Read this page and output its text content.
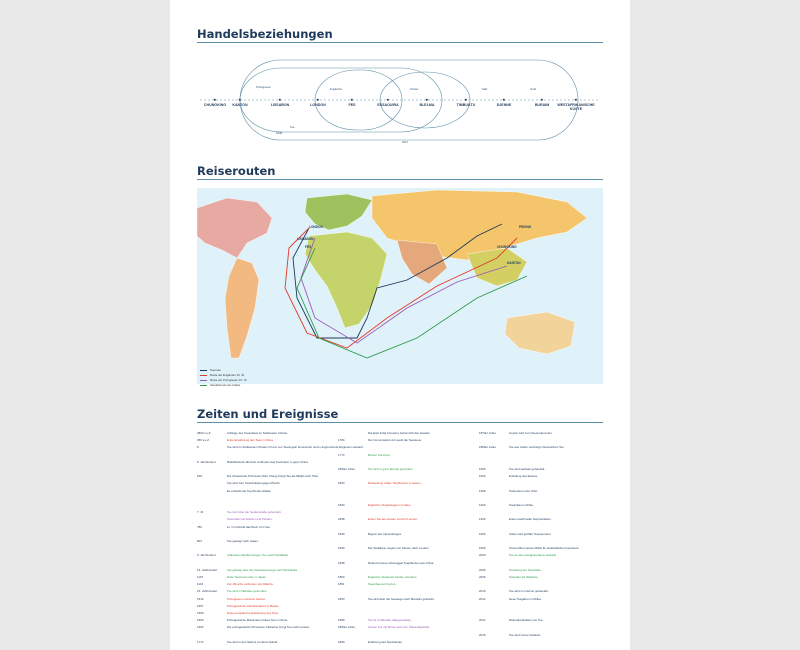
Handelsbeziehungen
CHUNGKING KANTON	LISSABON	LONDON	FES	ESSAOUIRA	BLELMA	TIMBUKTU	DJENNE	BURAIM WESTAFRIKANISCHE KÜSTE
Portugiesen	Englische	Zucker	Salz	Gold
Tee
1838
1817
Reiserouten
LONDON
LISSABON
KANTON
CHUNGKING
PEKING
FES
Teeroute
Route der Engländer 19. Jh.
Route der Portugiesen 16. Jh.
Handelsroute der Araber
Zeiten und Ereignisse
2800 v.u.Z.	Anfänge des Teeanbaus im Südwesten Chinas.
350 v.u.Z.	Erste Erwähnung des Tees in China.
8.	Tee wird im Südwesten Chinas in Form von Teeziegeln konsumiert und in angrenzende Regionen verkauft.
5. Jahrhundert	Buddhistische Mönche verbreiten das Teetrinken in ganz China.
618	Die chinesische Prinzessin Wen Cheng bringt Tee als Mitgift nach Tibet.
Tee wird zum Tauschobjekt gegen Pferde.
Es entsteht die Tee-Pferde-Straße.
7. Jh.	Tee wird über die Seidenstraße gehandelt.
Teehandel mit Arabien und Persien.
780	Lu Yu schreibt das Buch vom Tee.
804	Tee gelangt nach Japan.
9. Jahrhundert	Arabische Händler bringen Tee nach Nordafrika.
13. Jahrhundert	Tee gelangt über die Karawanenwege nach Westafrika.
1167	Erste Teezeremonien in Japan.
1191	Zen-Mönche verbreiten den Matcha.
15. Jahrhundert	Tee wird in Marokko getrunken.
1516	Portugiesen erreichen Kanton.
1557	Portugiesische Handelsstation in Macau.
1559	Erste europäische Erwähnung des Tees.
1560	Portugiesische Missionare trinken Tee in China.
1662	Die portugiesische Prinzessin Catherine bringt Tee nach London.
1772	Tee wird in den Salons Londons beliebt.
Die East India Company beherrscht den Handel.
1784	Der Commutation Act senkt die Teesteuer.
1773	Boston Tea Party.
1800er Jahre	Tee wird in ganz Europa getrunken.
1820	Entdeckung wilder Teepflanzen in Assam.
1830	Englische Teeplantagen in Indien.
1838	Erster Tee aus Assam erreicht London.
1839	Beginn des Opiumkrieges.
1840	Die Teeklipper segeln von Kanton nach London.
1848	Robert Fortune schmuggelt Teepflanzen aus China.
1850	Englische Teebeutel werden erfunden.
1851	Teeanbau auf Ceylon.
1853	Tee wird über die Seewege nach Marokko gebracht.
1858	Tee ist in Marokko allgegenwärtig.
1860er Jahre	Grüner Tee mit Minze wird zum Nationalgetränk.
1869	Eröffnung des Suezkanals.
1870er Jahre	Ceylon wird zum Teeproduzenten.
1880er Jahre	Tee aus Indien verdrängt chinesischen Tee.
1903	Tee wird weltweit gehandelt.
1904	Erfindung des Eistees.
1908	Teebeutel in den USA.
1920	Teeanbau in Afrika.
1930	Erste maschinelle Teeproduktion.
1950	Indien wird größter Teeexporteur.
1990	China öffnet seinen Markt für ausländische Importeure.
2000	Tee ist das meistgetrunkene Getränk.
2005	Gründung der Teestraße.
2006	Teekultur als Welterbe.
2010	Tee wird im Internet gehandelt.
2012	Neue Teegärten in Afrika.
2014	Rekordproduktion von Tee.
2015	Tee wird immer beliebter.
